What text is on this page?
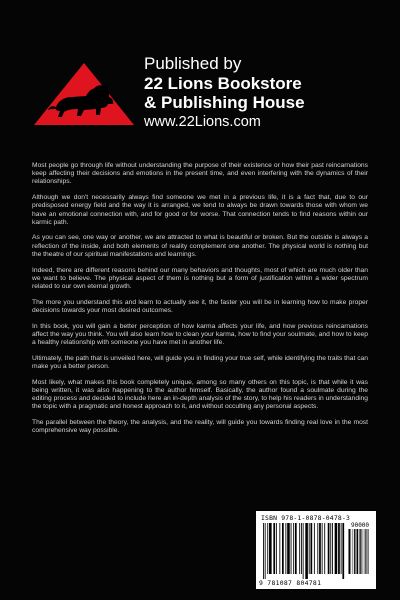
Published by
22 Lions Bookstore
& Publishing House
www.22Lions.com

Most people go through life without understanding the purpose of their existence or how their past reincarnations keep affecting their decisions and emotions in the present time, and even interfering with the dynamics of their relationships.

Although we don't necessarily always find someone we met in a previous life, it is a fact that, due to our predisposed energy field and the way it is arranged, we tend to always be drawn towards those with whom we have an emotional connection with, and for good or for worse. That connection tends to find reasons within our karmic path.

As you can see, one way or another, we are attracted to what is beautiful or broken. But the outside is always a reflection of the inside, and both elements of reality complement one another. The physical world is nothing but the theatre of our spiritual manifestations and learnings.

Indeed, there are different reasons behind our many behaviors and thoughts, most of which are much older than we want to believe. The physical aspect of them is nothing but a form of justification within a wider spectrum related to our own eternal growth.

The more you understand this and learn to actually see it, the faster you will be in learning how to make proper decisions towards your most desired outcomes.

In this book, you will gain a better perception of how karma affects your life, and how previous reincarnations affect the way you think. You will also learn how to clean your karma, how to find your soulmate, and how to keep a healthy relationship with someone you have met in another life.

Ultimately, the path that is unveiled here, will guide you in finding your true self, while identifying the traits that can make you a better person.

Most likely, what makes this book completely unique, among so many others on this topic, is that while it was being written, it was also happening to the author himself. Basically, the author found a soulmate during the editing process and decided to include here an in-depth analysis of the story, to help his readers in understanding the topic with a pragmatic and honest approach to it, and without occulting any personal aspects.

The parallel between the theory, the analysis, and the reality, will guide you towards finding real love in the most comprehensive way possible.

ISBN 978-1-0878-0478-3
90000
9 781087 804781
